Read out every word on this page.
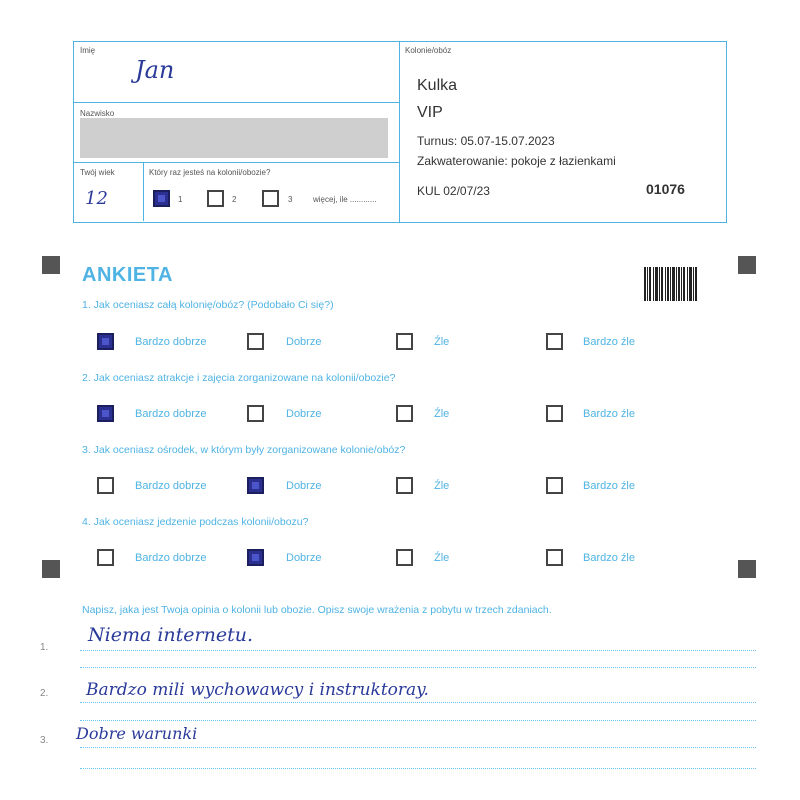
Imię
Jan
Nazwisko
Twój wiek
12
Który raz jesteś na kolonii/obozie?
1	2	3	więcej, ile ............
Kolonie/obóz
Kulka
VIP
Turnus: 05.07-15.07.2023
Zakwaterowanie: pokoje z łazienkami
KUL 02/07/23	01076
ANKIETA
1. Jak oceniasz całą kolonię/obóz? (Podobało Ci się?)
Bardzo dobrze	Dobrze	Źle	Bardzo źle
2. Jak oceniasz atrakcje i zajęcia zorganizowane na kolonii/obozie?
Bardzo dobrze	Dobrze	Źle	Bardzo źle
3. Jak oceniasz ośrodek, w którym były zorganizowane kolonie/obóz?
Bardzo dobrze	Dobrze	Źle	Bardzo źle
4. Jak oceniasz jedzenie podczas kolonii/obozu?
Bardzo dobrze	Dobrze	Źle	Bardzo źle
Napisz, jaka jest Twoja opinia o kolonii lub obozie. Opisz swoje wrażenia z pobytu w trzech zdaniach.
1.
Niema internetu.
2. Bardzo mili wychowawcy i instruktoray.
3. Dobre warunki
